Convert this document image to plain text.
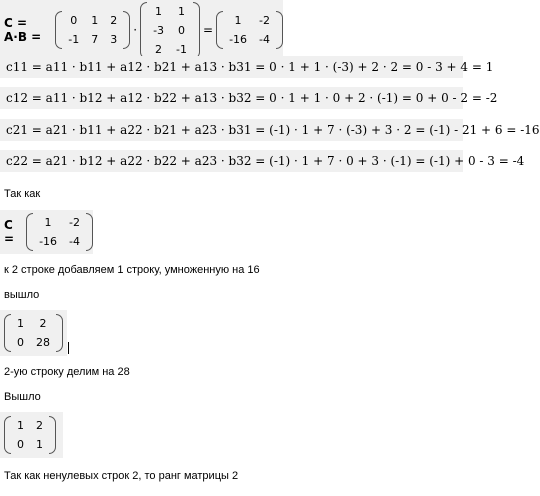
C = A·B =
0	1	2
-1	7	3
·
1	1
-3	0
2	-1
=
1	-2
-16	-4
c11 = a11 · b11 + a12 · b21 + a13 · b31 = 0 · 1 + 1 · (-3) + 2 · 2 = 0 - 3 + 4 = 1
c12 = a11 · b12 + a12 · b22 + a13 · b32 = 0 · 1 + 1 · 0 + 2 · (-1) = 0 + 0 - 2 = -2
c21 = a21 · b11 + a22 · b21 + a23 · b31 = (-1) · 1 + 7 · (-3) + 3 · 2 = (-1) - 21 + 6 = -16
c22 = a21 · b12 + a22 · b22 + a23 · b32 = (-1) · 1 + 7 · 0 + 3 · (-1) = (-1) + 0 - 3 = -4
Так как
C =
1	-2
-16	-4
к 2 строке добавляем 1 строку, умноженную на 16
вышло
1	2
0	28
2-ую строку делим на 28
Вышло
1	2
0	1
Так как ненулевых строк 2, то ранг матрицы 2
